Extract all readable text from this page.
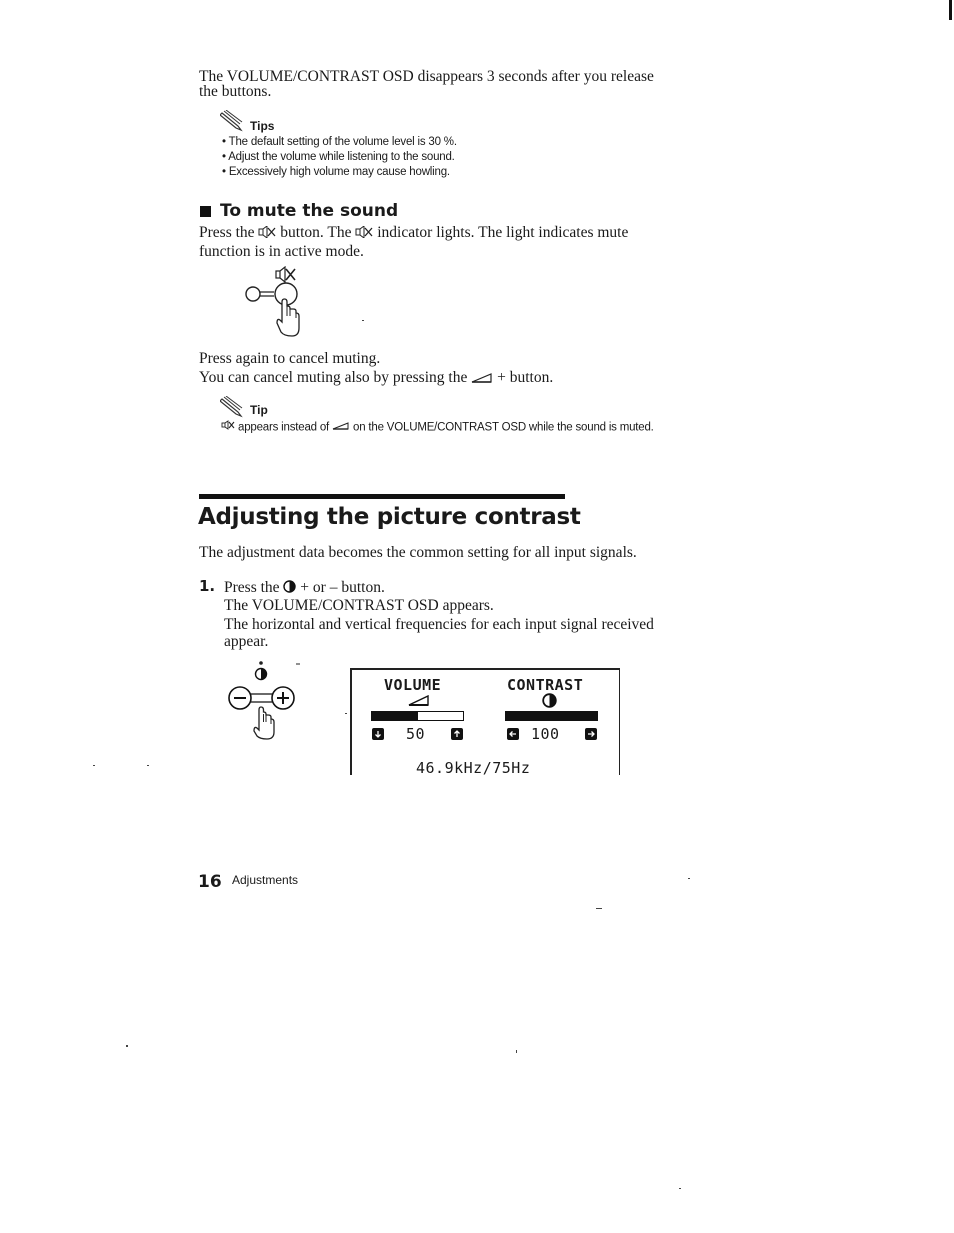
The VOLUME/CONTRAST OSD disappears 3 seconds after you release
the buttons.
Tips
• The default setting of the volume level is 30 %.
• Adjust the volume while listening to the sound.
• Excessively high volume may cause howling.
To mute the sound
Press the button. The indicator lights. The light indicates mute
function is in active mode.
Press again to cancel muting.
You can cancel muting also by pressing the + button.
Tip
appears instead of on the VOLUME/CONTRAST OSD while the sound is muted.
Adjusting the picture contrast
The adjustment data becomes the common setting for all input signals.
1. Press the + or – button.
The VOLUME/CONTRAST OSD appears.
The horizontal and vertical frequencies for each input signal received
appear.
VOLUME	CONTRAST
50	100
46.9kHz/75Hz
16 Adjustments
